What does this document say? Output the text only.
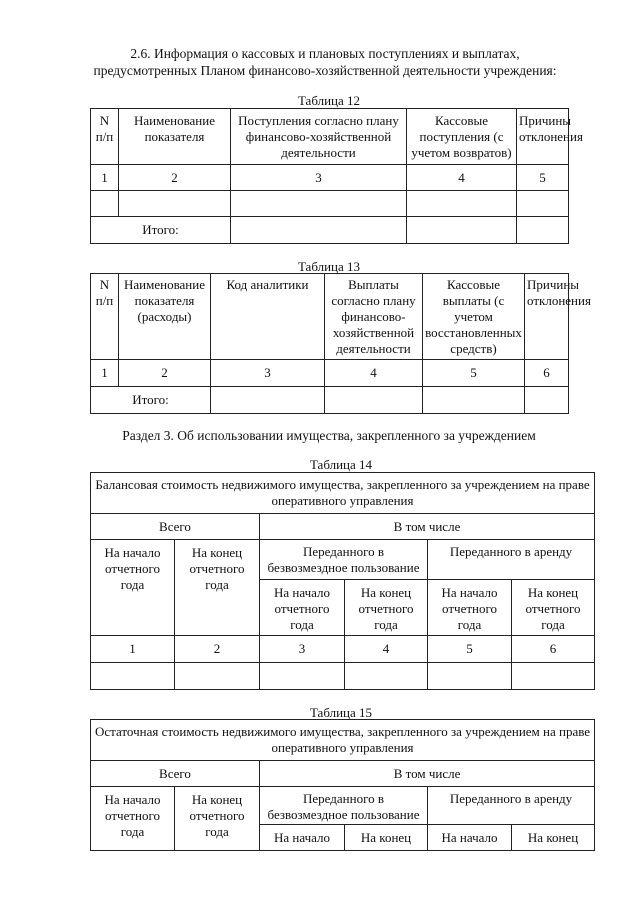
2.6. Информация о кассовых и плановых поступлениях и выплатах,
предусмотренных Планом финансово-хозяйственной деятельности учреждения:
Таблица 12
N п/п	Наименование показателя	Поступления согласно плану финансово-хозяйственной деятельности	Кассовые поступления (с учетом возвратов)	Причины отклонения
1	2	3	4	5

Итого:				
Таблица 13
N п/п	Наименование показателя (расходы)	Код аналитики	Выплаты согласно плану финансово-хозяйственной деятельности	Кассовые выплаты (с учетом восстановленных средств)	Причины отклонения
1	2	3	4	5	6
Итого:					
Раздел 3. Об использовании имущества, закрепленного за учреждением
Таблица 14
Балансовая стоимость недвижимого имущества, закрепленного за учреждением на праве оперативного управления					
Всего		В том числе			
На начало отчетного года	На конец отчетного года	Переданного в безвозмездное пользование		Переданного в аренду	
		На начало отчетного года	На конец отчетного года	На начало отчетного года	На конец отчетного года
1	2	3	4	5	6

Таблица 15
Остаточная стоимость недвижимого имущества, закрепленного за учреждением на праве оперативного управления					
Всего		В том числе			
На начало отчетного года	На конец отчетного года	Переданного в безвозмездное пользование		Переданного в аренду	
		На начало	На конец	На начало	На конец
